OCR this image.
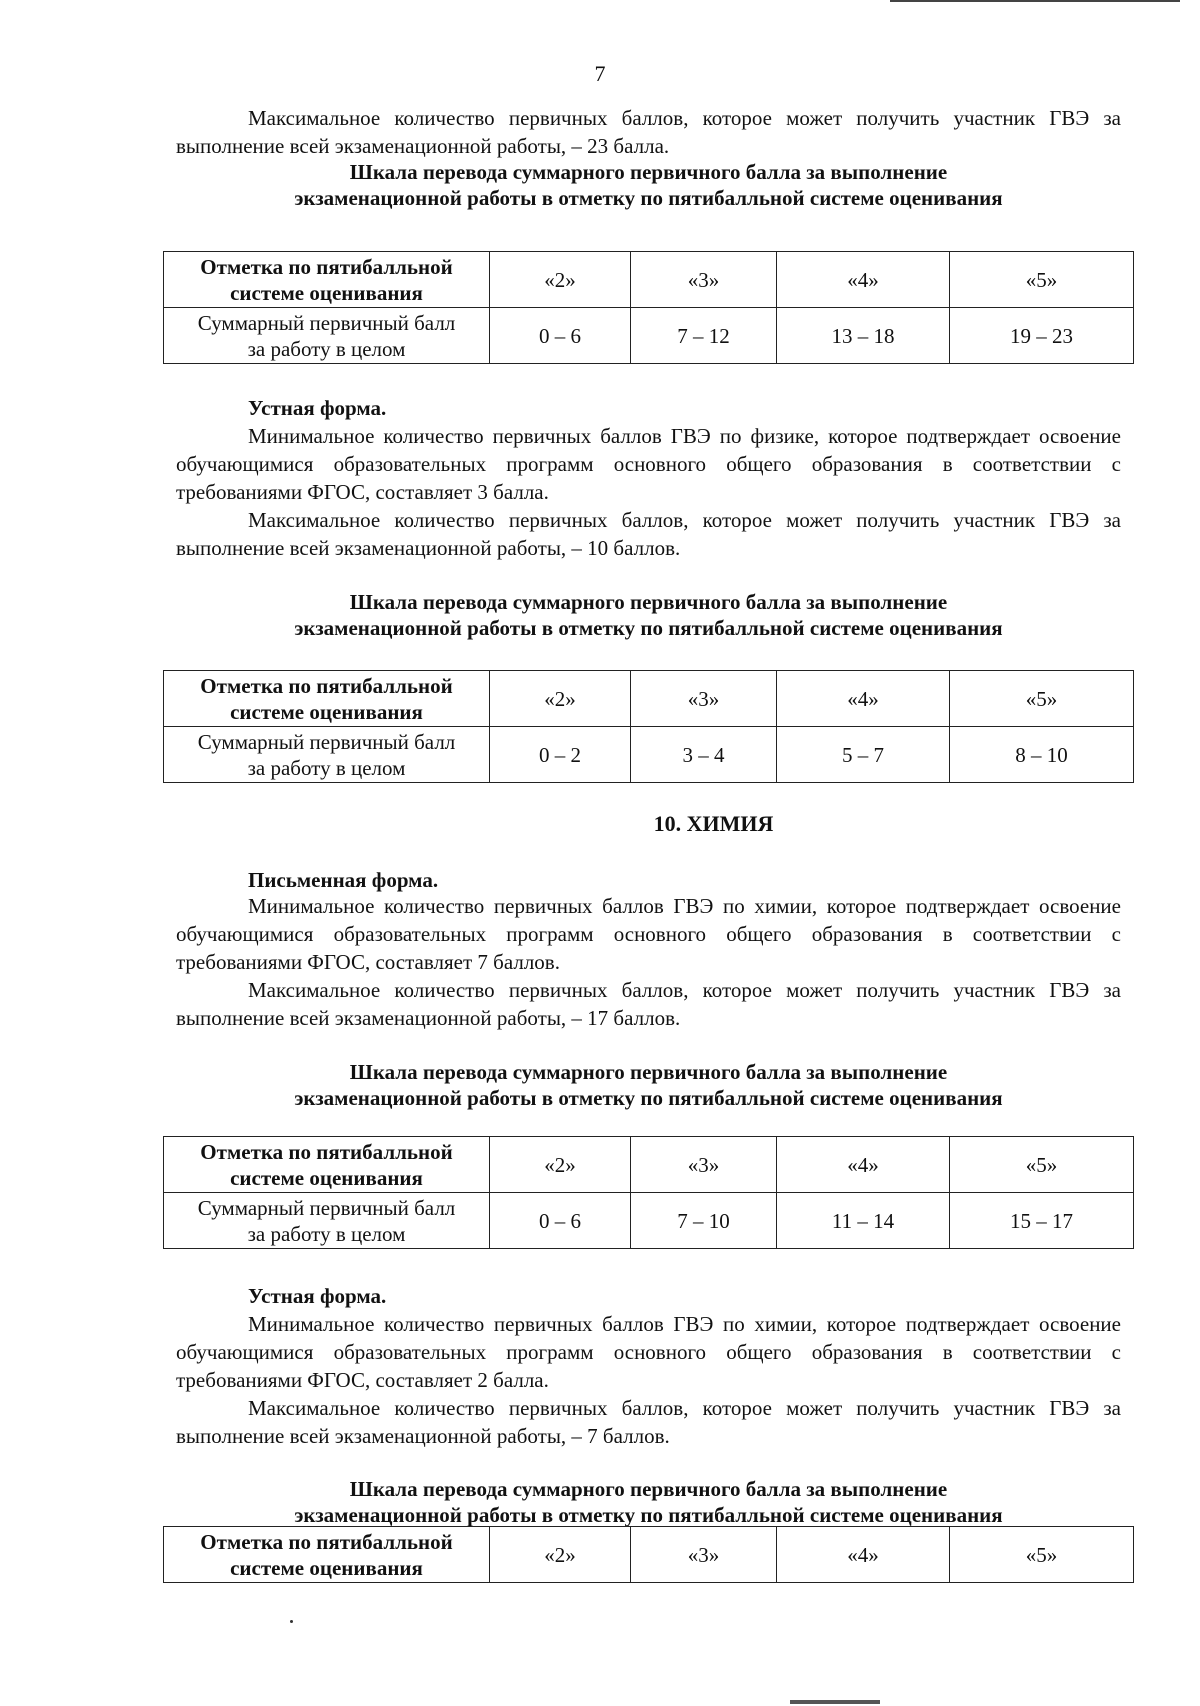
7
Максимальное количество первичных баллов, которое может получить участник ГВЭ за выполнение всей экзаменационной работы, – 23 балла.
Шкала перевода суммарного первичного балла за выполнение
экзаменационной работы в отметку по пятибалльной системе оценивания
Отметка по пятибалльной
системе оценивания	«2»	«3»	«4»	«5»
Суммарный первичный балл
за работу в целом	0 – 6	7 – 12	13 – 18	19 – 23
Устная форма.
Минимальное количество первичных баллов ГВЭ по физике, которое подтверждает освоение обучающимися образовательных программ основного общего образования в соответствии с требованиями ФГОС, составляет 3 балла.
Максимальное количество первичных баллов, которое может получить участник ГВЭ за выполнение всей экзаменационной работы, – 10 баллов.
Шкала перевода суммарного первичного балла за выполнение
экзаменационной работы в отметку по пятибалльной системе оценивания
Отметка по пятибалльной
системе оценивания	«2»	«3»	«4»	«5»
Суммарный первичный балл
за работу в целом	0 – 2	3 – 4	5 – 7	8 – 10
10. ХИМИЯ
Письменная форма.
Минимальное количество первичных баллов ГВЭ по химии, которое подтверждает освоение обучающимися образовательных программ основного общего образования в соответствии с требованиями ФГОС, составляет 7 баллов.
Максимальное количество первичных баллов, которое может получить участник ГВЭ за выполнение всей экзаменационной работы, – 17 баллов.
Шкала перевода суммарного первичного балла за выполнение
экзаменационной работы в отметку по пятибалльной системе оценивания
Отметка по пятибалльной
системе оценивания	«2»	«3»	«4»	«5»
Суммарный первичный балл
за работу в целом	0 – 6	7 – 10	11 – 14	15 – 17
Устная форма.
Минимальное количество первичных баллов ГВЭ по химии, которое подтверждает освоение обучающимися образовательных программ основного общего образования в соответствии с требованиями ФГОС, составляет 2 балла.
Максимальное количество первичных баллов, которое может получить участник ГВЭ за выполнение всей экзаменационной работы, – 7 баллов.
Шкала перевода суммарного первичного балла за выполнение
экзаменационной работы в отметку по пятибалльной системе оценивания
Отметка по пятибалльной
системе оценивания	«2»	«3»	«4»	«5»
